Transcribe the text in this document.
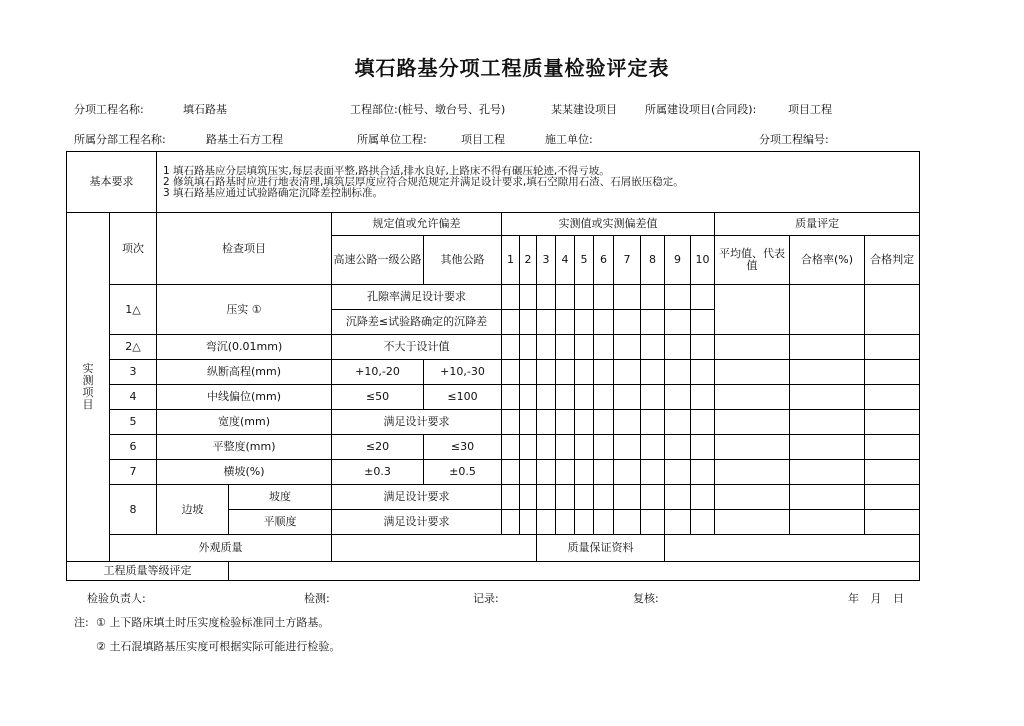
填石路基分项工程质量检验评定表
分项工程名称:	填石路基	工程部位:(桩号、墩台号、孔号)	某某建设项目	所属建设项目(合同段):	项目工程
所属分部工程名称:	路基土石方工程	所属单位工程:	项目工程	施工单位:	分项工程编号:
基本要求		1 填石路基应分层填筑压实,每层表面平整,路拱合适,排水良好,上路床不得有碾压轮迹,不得亏坡。
2 修筑填石路基时应进行地表清理,填筑层厚度应符合规范规定并满足设计要求,填石空隙用石渣、石屑嵌压稳定。
3 填石路基应通过试验路确定沉降差控制标准。																

实
测
项
目	项次	检查项目		规定值或允许偏差		实测值或实测偏差值										质量评定		
				高速公路一级公路	其他公路	1	2	3	4	5	6	7	8	9	10	平均值、代表值	合格率(%)	合格判定
	1△	压实 ①		孔隙率满足设计要求														
				沉降差≤试验路确定的沉降差														
	2△	弯沉(0.01mm)		不大于设计值														
	3	纵断高程(mm)		+10,-20	+10,-30													
	4	中线偏位(mm)		≤50	≤100													
	5	宽度(mm)		满足设计要求														
	6	平整度(mm)		≤20	≤30													
	7	横坡(%)		±0.3	±0.5													
	8	边坡	坡度	满足设计要求														
			平顺度	满足设计要求														
	外观质量							质量保证资料										
工程质量等级评定																		
检验负责人:	检测:	记录:	复核:	年 月 日
注: ① 上下路床填土时压实度检验标准同土方路基。
② 土石混填路基压实度可根据实际可能进行检验。
